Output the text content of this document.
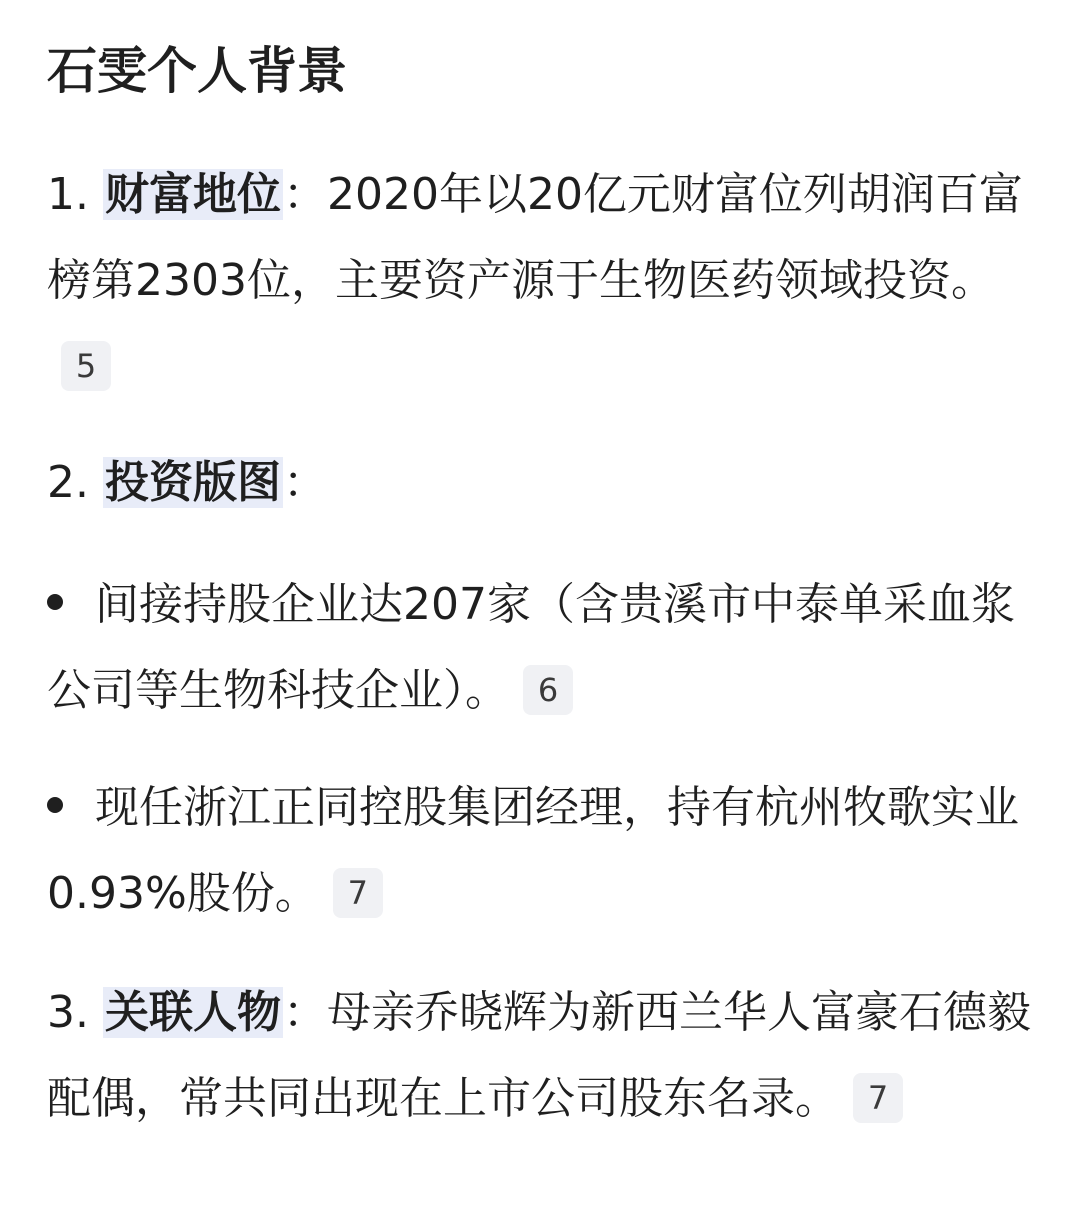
石雯个人背景
1. 财富地位：2020年以20亿元财富位列胡润百富榜第2303位，主要资产源于生物医药领域投资。5
2. 投资版图：
间接持股企业达207家（含贵溪市中泰单采血浆公司等生物科技企业）。 6
现任浙江正同控股集团经理，持有杭州牧歌实业0.93%股份。 7
3. 关联人物：母亲乔晓辉为新西兰华人富豪石德毅配偶，常共同出现在上市公司股东名录。 7
